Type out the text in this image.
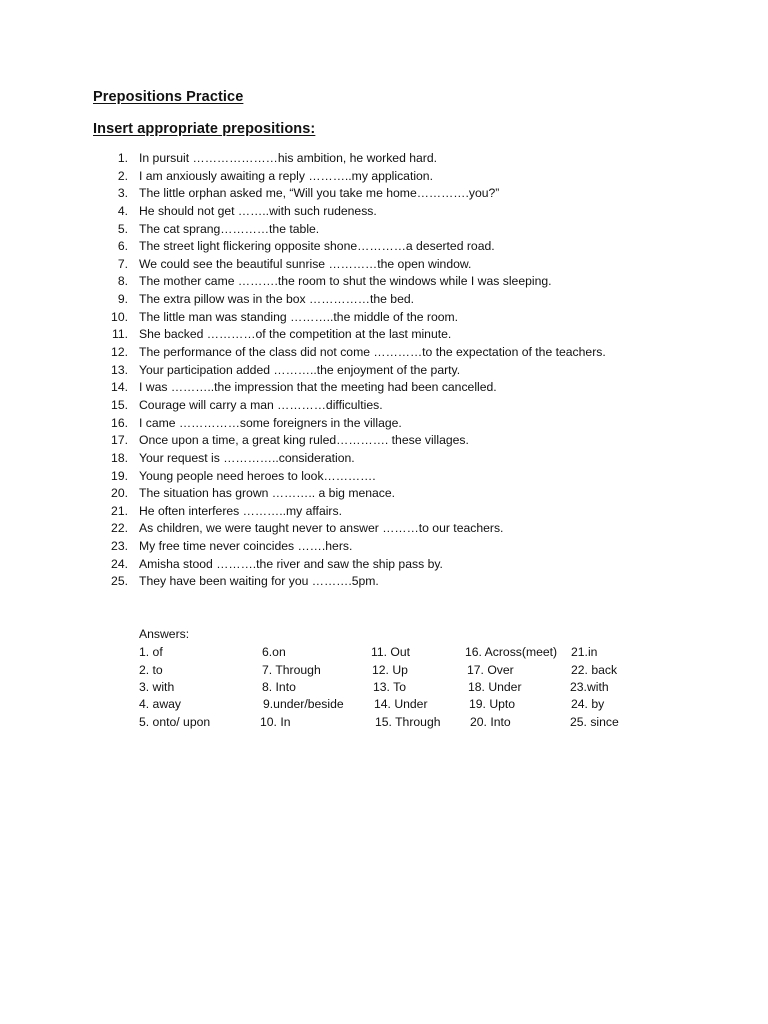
Prepositions Practice
Insert appropriate prepositions:
1. In pursuit …………………his ambition, he worked hard.
2. I am anxiously awaiting a reply ………..my application.
3. The little orphan asked me, “Will you take me home………….you?”
4. He should not get ……..with such rudeness.
5. The cat sprang…………the table.
6. The street light flickering opposite shone…………a deserted road.
7. We could see the beautiful sunrise …………the open window.
8. The mother came ……….the room to shut the windows while I was sleeping.
9. The extra pillow was in the box ……………the bed.
10. The little man was standing ………..the middle of the room.
11. She backed …………of the competition at the last minute.
12. The performance of the class did not come …………to the expectation of the teachers.
13. Your participation added ………..the enjoyment of the party.
14. I was ………..the impression that the meeting had been cancelled.
15. Courage will carry a man …………difficulties.
16. I came ……………some foreigners in the village.
17. Once upon a time, a great king ruled…………. these villages.
18. Your request is …………..consideration.
19. Young people need heroes to look………….
20. The situation has grown ……….. a big menace.
21. He often interferes ………..my affairs.
22. As children, we were taught never to answer ………to our teachers.
23. My free time never coincides …….hers.
24. Amisha stood ……….the river and saw the ship pass by.
25. They have been waiting for you ……….5pm.
Answers:
1. of	6.on	11. Out	16. Across(meet) 21.in
2. to	7. Through	12. Up	17. Over	22. back
3. with	8. Into	13. To	18. Under	23.with
4. away	9.under/beside 14. Under	19. Upto	24. by
5. onto/ upon	10. In	15. Through 20. Into	25. since
